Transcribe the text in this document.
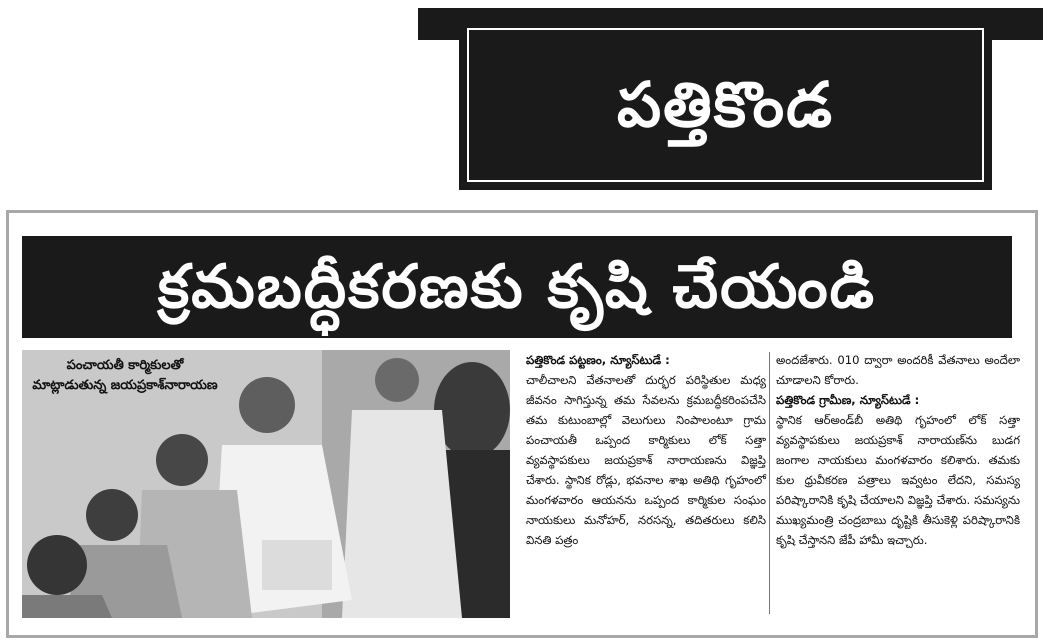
పత్తికొండ
క్రమబద్ధీకరణకు కృషి చేయండి
పంచాయతీ కార్మికులతో మాట్లాడుతున్న జయప్రకాశ్‌నారాయణ

పత్తికొండ పట్టణం, న్యూస్‌టుడే :

చాలీచాలని వేతనాలతో దుర్భర పరిస్థితుల మధ్య జీవనం సాగిస్తున్న తమ సేవలను క్రమబద్ధీకరింపచేసి తమ కుటుంబాల్లో వెలుగులు నింపాలంటూ గ్రామ పంచాయతీ ఒప్పంద కార్మికులు లోక్ సత్తా వ్యవస్థాపకులు జయప్రకాశ్ నారాయణను విజ్ఞప్తి చేశారు. స్థానిక రోడ్లు, భవనాల శాఖ అతిథి గృహంలో మంగళవారం ఆయనను ఒప్పంద కార్మికుల సంఘం నాయకులు మనోహర్, నరసన్న, తదితరులు కలిసి వినతి పత్రం

అందజేశారు. 010 ద్వారా అందరికీ వేతనాలు అందేలా చూడాలని కోరారు.

పత్తికొండ గ్రామీణ, న్యూస్‌టుడే :

స్థానిక ఆర్అండ్‌బీ అతిథి గృహంలో లోక్ సత్తా వ్యవస్థాపకులు జయప్రకాశ్ నారాయణ్‌ను బుడగ జంగాల నాయకులు మంగళవారం కలిశారు. తమకు కుల ధ్రువీకరణ పత్రాలు ఇవ్వటం లేదని, సమస్య పరిష్కారానికి కృషి చేయాలని విజ్ఞప్తి చేశారు. సమస్యను ముఖ్యమంత్రి చంద్రబాబు దృష్టికి తీసుకెళ్లి పరిష్కారానికి కృషి చేస్తానని జేపీ హామీ ఇచ్చారు.
